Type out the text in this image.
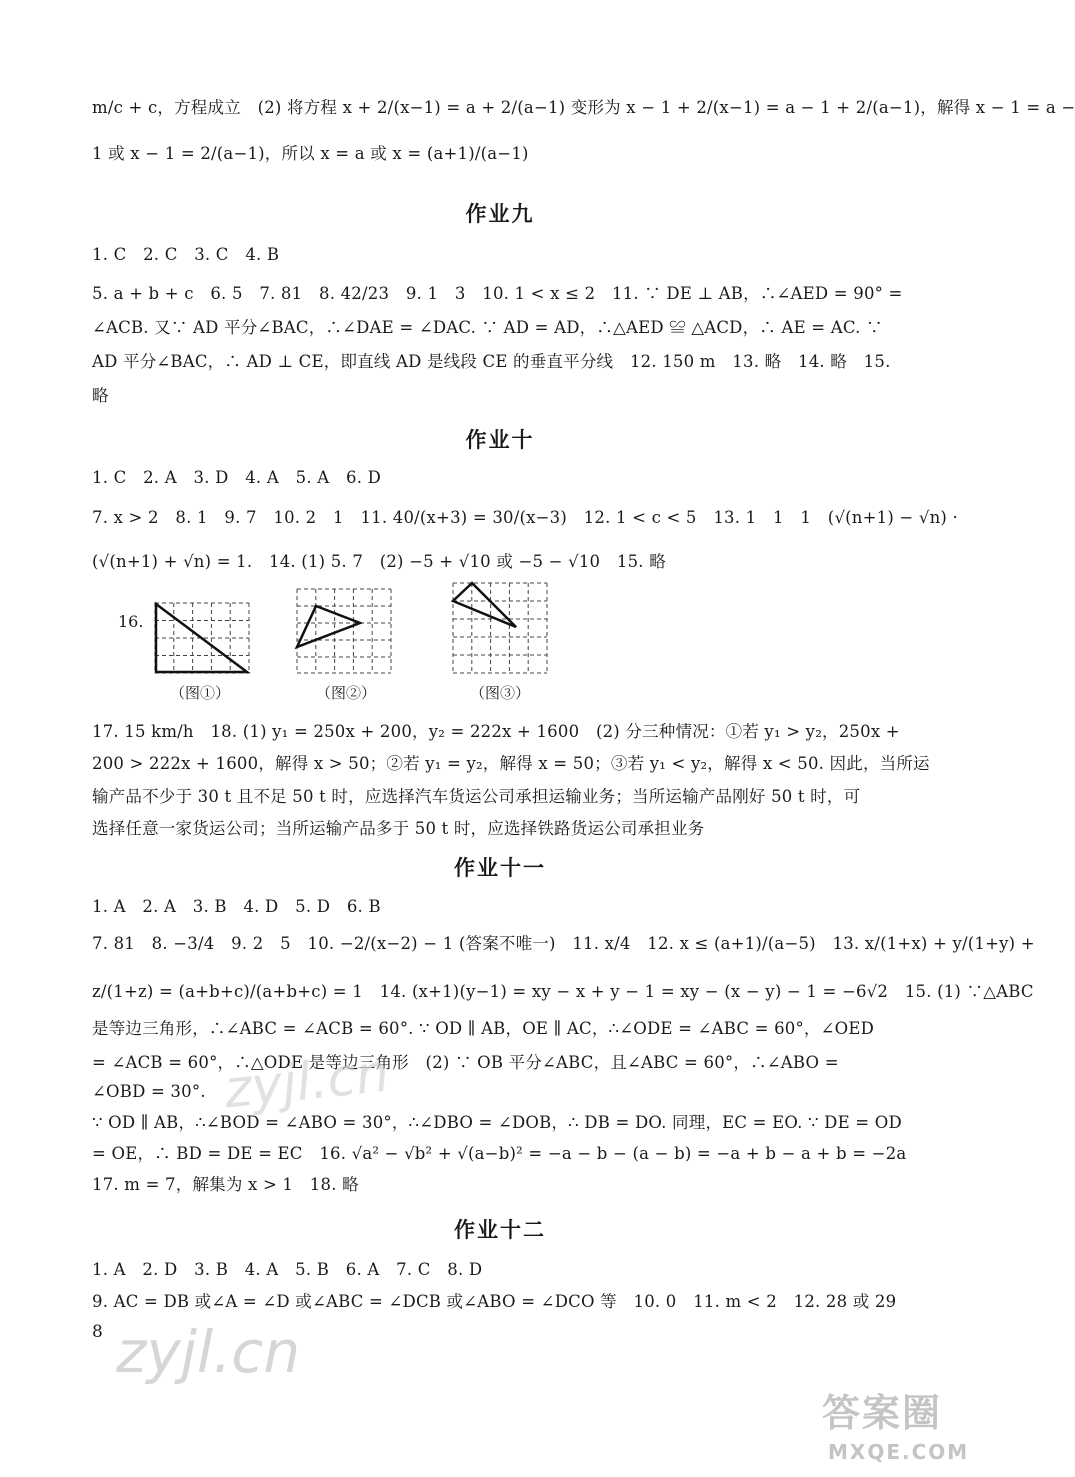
m/c + c，方程成立　(2) 将方程 x + 2/(x−1) = a + 2/(a−1) 变形为 x − 1 + 2/(x−1) = a − 1 + 2/(a−1)，解得 x − 1 = a −
1 或 x − 1 = 2/(a−1)，所以 x = a 或 x = (a+1)/(a−1)
作业九
1. C　2. C　3. C　4. B
5. a + b + c　6. 5　7. 81　8. 42/23　9. 1　3　10. 1 < x ≤ 2　11. ∵ DE ⊥ AB，∴∠AED = 90° =
∠ACB. 又∵ AD 平分∠BAC，∴∠DAE = ∠DAC. ∵ AD = AD，∴△AED ≌ △ACD，∴ AE = AC. ∵
AD 平分∠BAC，∴ AD ⊥ CE，即直线 AD 是线段 CE 的垂直平分线　12. 150 m　13. 略　14. 略　15.
略
作业十
1. C　2. A　3. D　4. A　5. A　6. D
7. x > 2　8. 1　9. 7　10. 2　1　11. 40/(x+3) = 30/(x−3)　12. 1 < c < 5　13. 1　1　1　(√(n+1) − √n) ·
(√(n+1) + √n) = 1.　14. (1) 5. 7　(2) −5 + √10 或 −5 − √10　15. 略
16.
（图①）	（图②）	（图③）
17. 15 km/h　18. (1) y₁ = 250x + 200，y₂ = 222x + 1600　(2) 分三种情况：①若 y₁ > y₂，250x +
200 > 222x + 1600，解得 x > 50；②若 y₁ = y₂，解得 x = 50；③若 y₁ < y₂，解得 x < 50. 因此，当所运
输产品不少于 30 t 且不足 50 t 时，应选择汽车货运公司承担运输业务；当所运输产品刚好 50 t 时，可
选择任意一家货运公司；当所运输产品多于 50 t 时，应选择铁路货运公司承担业务
作业十一
1. A　2. A　3. B　4. D　5. D　6. B
7. 81　8. −3/4　9. 2　5　10. −2/(x−2) − 1 (答案不唯一)　11. x/4　12. x ≤ (a+1)/(a−5)　13. x/(1+x) + y/(1+y) +
z/(1+z) = (a+b+c)/(a+b+c) = 1　14. (x+1)(y−1) = xy − x + y − 1 = xy − (x − y) − 1 = −6√2　15. (1) ∵△ABC
是等边三角形，∴∠ABC = ∠ACB = 60°. ∵ OD ∥ AB，OE ∥ AC，∴∠ODE = ∠ABC = 60°，∠OED
= ∠ACB = 60°，∴△ODE 是等边三角形　(2) ∵ OB 平分∠ABC，且∠ABC = 60°，∴∠ABO =
∠OBD = 30°.
∵ OD ∥ AB，∴∠BOD = ∠ABO = 30°，∴∠DBO = ∠DOB，∴ DB = DO. 同理，EC = EO. ∵ DE = OD
= OE，∴ BD = DE = EC　16. √a² − √b² + √(a−b)² = −a − b − (a − b) = −a + b − a + b = −2a
17. m = 7，解集为 x > 1　18. 略
作业十二
1. A　2. D　3. B　4. A　5. B　6. A　7. C　8. D
9. AC = DB 或∠A = ∠D 或∠ABC = ∠DCB 或∠ABO = ∠DCO 等　10. 0　11. m < 2　12. 28 或 29
8
zyjl.cn
zyjl.cn
答案圈
MXQE.COM
